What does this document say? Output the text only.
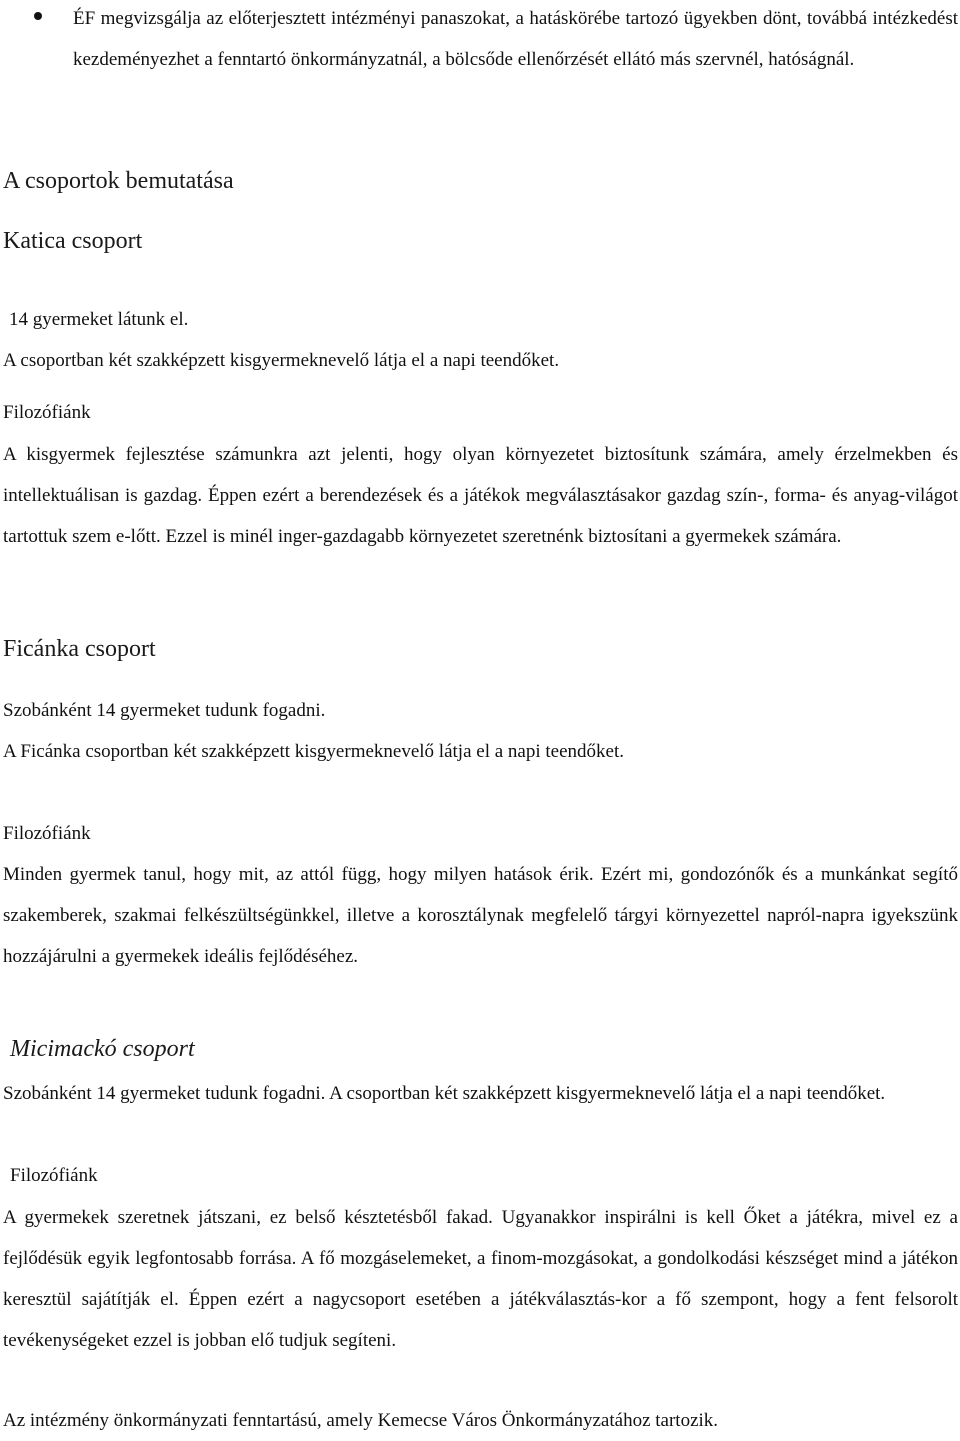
ÉF megvizsgálja az előterjesztett intézményi panaszokat, a hatáskörébe tartozó ügyekben dönt, továbbá intézkedést kezdeményezhet a fenntartó önkormányzatnál, a bölcsőde ellenőrzését ellátó más szervnél, hatóságnál.

A csoportok bemutatása
Katica csoport

14 gyermeket látunk el.

A csoportban két szakképzett kisgyermeknevelő látja el a napi teendőket.

Filozófiánk

A kisgyermek fejlesztése számunkra azt jelenti, hogy olyan környezetet biztosítunk számára, amely érzelmekben és intellektuálisan is gazdag. Éppen ezért a berendezések és a játékok megválasztásakor gazdag szín-, forma- és anyag-világot tartottuk szem e-lőtt. Ezzel is minél inger-gazdagabb környezetet szeretnénk biztosítani a gyermekek számára.

Ficánka csoport

Szobánként 14 gyermeket tudunk fogadni.

A Ficánka csoportban két szakképzett kisgyermeknevelő látja el a napi teendőket.

Filozófiánk

Minden gyermek tanul, hogy mit, az attól függ, hogy milyen hatások érik. Ezért mi, gondozónők és a munkánkat segítő szakemberek, szakmai felkészültségünkkel, illetve a korosztálynak megfelelő tárgyi környezettel napról-napra igyekszünk hozzájárulni a gyermekek ideális fejlődéséhez.

Micimackó csoport

Szobánként 14 gyermeket tudunk fogadni. A csoportban két szakképzett kisgyermeknevelő látja el a napi teendőket.

Filozófiánk

A gyermekek szeretnek játszani, ez belső késztetésből fakad. Ugyanakkor inspirálni is kell Őket a játékra, mivel ez a fejlődésük egyik legfontosabb forrása. A fő mozgáselemeket, a finom-mozgásokat, a gondolkodási készséget mind a játékon keresztül sajátítják el. Éppen ezért a nagycsoport esetében a játékválasztás-kor a fő szempont, hogy a fent felsorolt tevékenységeket ezzel is jobban elő tudjuk segíteni.

Az intézmény önkormányzati fenntartású, amely Kemecse Város Önkormányzatához tartozik.
